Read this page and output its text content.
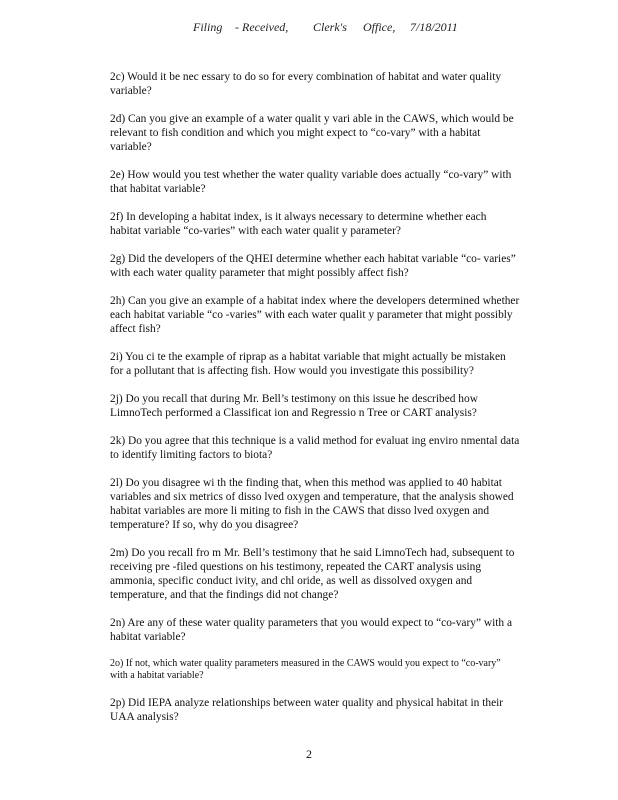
Filing - Received, Clerk's Office, 7/18/2011

2c) Would it be nec essary to do so for every combination of habitat and water quality
variable?

2d) Can you give an example of a water qualit y vari able in the CAWS, which would be
relevant to fish condition and which you might expect to “co-vary” with a habitat
variable?

2e) How would you test whether the water quality variable does actually “co-vary” with
that habitat variable?

2f) In developing a habitat index, is it always necessary to determine whether each
habitat variable “co-varies” with each water qualit y parameter?

2g) Did the developers of the QHEI determine whether each habitat variable “co- varies”
with each water quality parameter that might possibly affect fish?

2h) Can you give an example of a habitat index where the developers determined whether
each habitat variable “co -varies” with each water qualit y parameter that might possibly
affect fish?

2i) You ci te the example of riprap as a habitat variable that might actually be mistaken
for a pollutant that is affecting fish. How would you investigate this possibility?

2j) Do you recall that during Mr. Bell’s testimony on this issue he described how
LimnoTech performed a Classificat ion and Regressio n Tree or CART analysis?

2k) Do you agree that this technique is a valid method for evaluat ing enviro nmental data
to identify limiting factors to biota?

2l) Do you disagree wi th the finding that, when this method was applied to 40 habitat
variables and six metrics of disso lved oxygen and temperature, that the analysis showed
habitat variables are more li miting to fish in the CAWS that disso lved oxygen and
temperature? If so, why do you disagree?

2m) Do you recall fro m Mr. Bell’s testimony that he said LimnoTech had, subsequent to
receiving pre -filed questions on his testimony, repeated the CART analysis using
ammonia, specific conduct ivity, and chl oride, as well as dissolved oxygen and
temperature, and that the findings did not change?

2n) Are any of these water quality parameters that you would expect to “co-vary” with a
habitat variable?

2o) If not, which water quality parameters measured in the CAWS would you expect to “co-vary”
with a habitat variable?

2p) Did IEPA analyze relationships between water quality and physical habitat in their
UAA analysis?

2
